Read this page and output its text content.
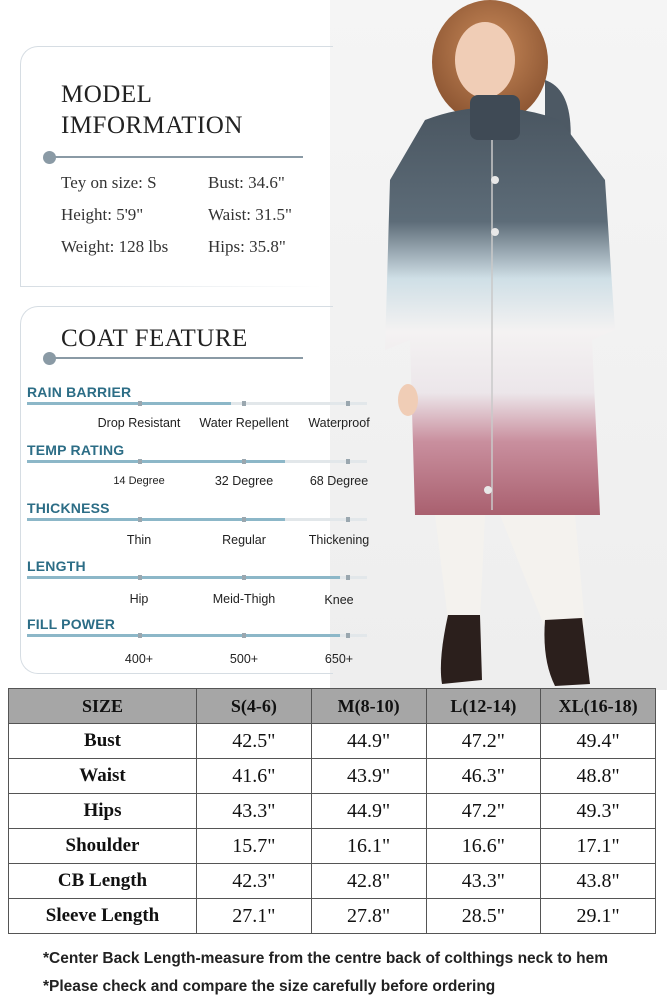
MODEL
IMFORMATION
Tey on size: S	Bust: 34.6"
Height: 5'9"	Waist: 31.5"
Weight: 128 lbs Hips: 35.8"
COAT FEATURE
RAIN BARRIER
Drop Resistant Water Repellent Waterproof
TEMP RATING
14 Degree	32 Degree	68 Degree
THICKNESS
Thin	Regular	Thickening
LENGTH
Hip	Meid-Thigh	Knee
FILL POWER
400+	500+	650+
SIZE	S(4-6)	M(8-10)	L(12-14)	XL(16-18)
Bust	42.5"	44.9"	47.2"	49.4"
Waist	41.6"	43.9"	46.3"	48.8"
Hips	43.3"	44.9"	47.2"	49.3"
Shoulder	15.7"	16.1"	16.6"	17.1"
CB Length	42.3"	42.8"	43.3"	43.8"
Sleeve Length	27.1"	27.8"	28.5"	29.1"
*Center Back Length-measure from the centre back of colthings neck to hem
*Please check and compare the size carefully before ordering
